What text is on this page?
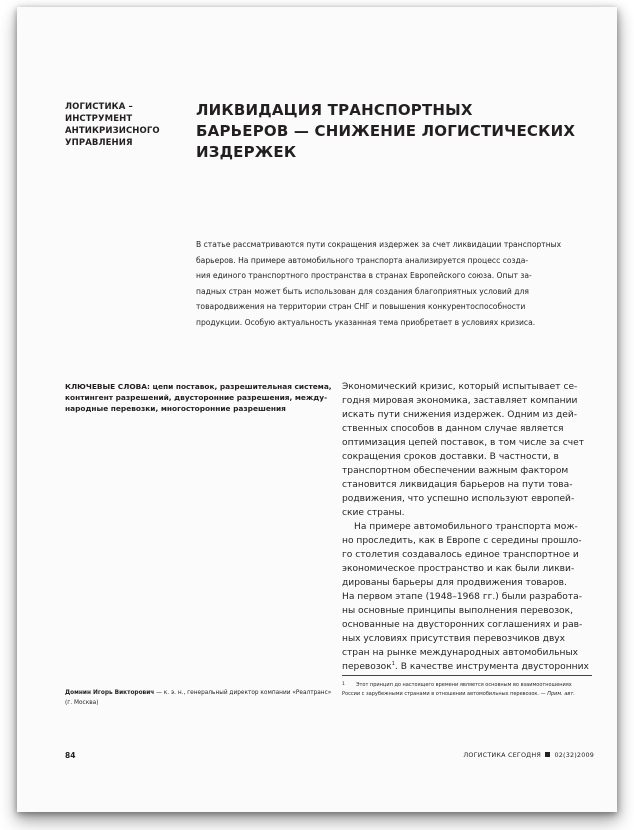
ЛОГИСТИКА –
ИНСТРУМЕНТ
АНТИКРИЗИСНОГО
УПРАВЛЕНИЯ
ЛИКВИДАЦИЯ ТРАНСПОРТНЫХ
БАРЬЕРОВ — СНИЖЕНИЕ ЛОГИСТИЧЕСКИХ
ИЗДЕРЖЕК
В статье рассматриваются пути сокращения издержек за счет ликвидации транспортных
барьеров. На примере автомобильного транспорта анализируется процесс созда-
ния единого транспортного пространства в странах Европейского союза. Опыт за-
падных стран может быть использован для создания благоприятных условий для
товародвижения на территории стран СНГ и повышения конкурентоспособности
продукции. Особую актуальность указанная тема приобретает в условиях кризиса.
КЛЮЧЕВЫЕ СЛОВА: цепи поставок, разрешительная система,
контингент разрешений, двусторонние разрешения, между-
народные перевозки, многосторонние разрешения
Экономический кризис, который испытывает се-
годня мировая экономика, заставляет компании
искать пути снижения издержек. Одним из дей-
ственных способов в данном случае является
оптимизация цепей поставок, в том числе за счет
сокращения сроков доставки. В частности, в
транспортном обеспечении важным фактором
становится ликвидация барьеров на пути това-
родвижения, что успешно используют европей-
ские страны.
На примере автомобильного транспорта мож-
но проследить, как в Европе с середины прошло-
го столетия создавалось единое транспортное и
экономическое пространство и как были ликви-
дированы барьеры для продвижения товаров.
На первом этапе (1948–1968 гг.) были разработа-
ны основные принципы выполнения перевозок,
основанные на двусторонних соглашениях и рав-
ных условиях присутствия перевозчиков двух
стран на рынке международных автомобильных
перевозок$^1$. В качестве инструмента двусторонних
1	Этот принцип до настоящего времени является основным во взаимоотношениях
России с зарубежными странами в отношении автомобильных перевозок. — Прим. авт.
Домнин Игорь Викторович — к. э. н., генеральный директор компании «Реалтранс»
(г. Москва)
84	ЛОГИСТИКА СЕГОДНЯ 02(32)2009
